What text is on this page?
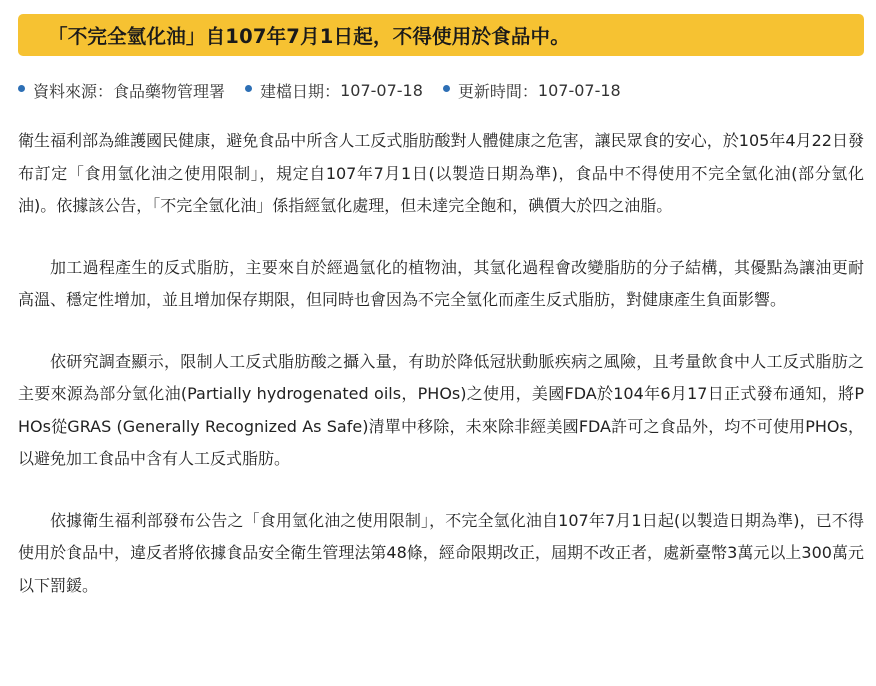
「不完全氫化油」自107年7月1日起，不得使用於食品中。
資料來源 ：	食品藥物管理署 建檔日期 ：	107-07-18 更新時間 ：	107-07-18

衛生福利部為維護國民健康，避免食品中所含人工反式脂肪酸對人體健康之危害，讓民眾食的安心，於105年4月22日發布訂定「食用氫化油之使用限制」，規定自107年7月1日(以製造日期為準)，食品中不得使用不完全氫化油(部分氫化油)。依據該公告，「不完全氫化油」係指經氫化處理，但未達完全飽和，碘價大於四之油脂。

加工過程產生的反式脂肪，主要來自於經過氫化的植物油，其氫化過程會改變脂肪的分子結構，其優點為讓油更耐高溫、穩定性增加，並且增加保存期限，但同時也會因為不完全氫化而產生反式脂肪，對健康產生負面影響。

依研究調查顯示，限制人工反式脂肪酸之攝入量，有助於降低冠狀動脈疾病之風險，且考量飲食中人工反式脂肪之主要來源為部分氫化油(Partially hydrogenated oils，PHOs)之使用，美國FDA於104年6月17日正式發布通知，將PHOs從GRAS (Generally Recognized As Safe)清單中移除，未來除非經美國FDA許可之食品外，均不可使用PHOs，以避免加工食品中含有人工反式脂肪。

依據衛生福利部發布公告之「食用氫化油之使用限制」，不完全氫化油自107年7月1日起(以製造日期為準)，已不得使用於食品中，違反者將依據食品安全衛生管理法第48條，經命限期改正，屆期不改正者，處新臺幣3萬元以上300萬元以下罰鍰。
